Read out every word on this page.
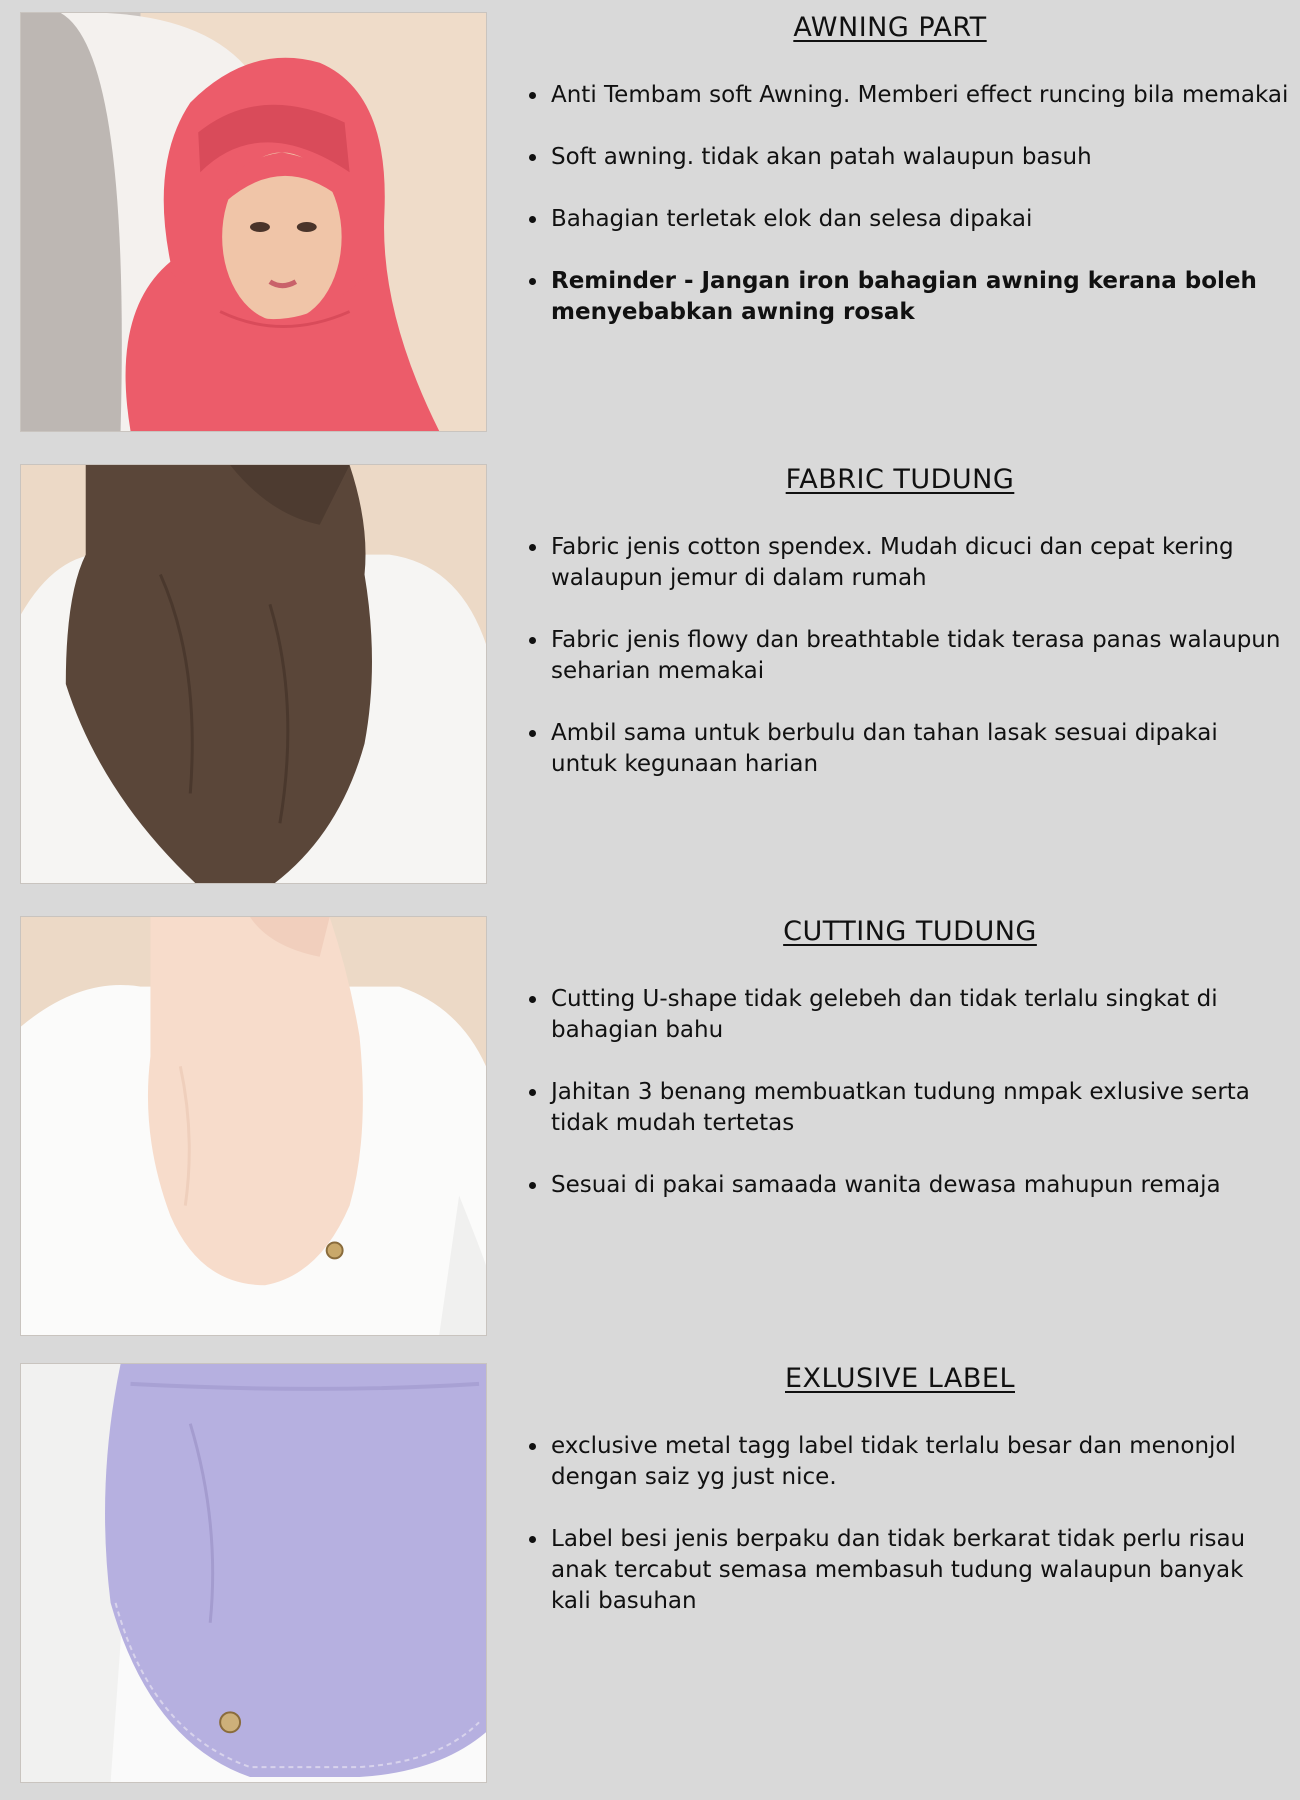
AWNING PART
• Anti Tembam soft Awning. Memberi effect runcing bila memakai
• Soft awning. tidak akan patah walaupun basuh
• Bahagian terletak elok dan selesa dipakai
• Reminder - Jangan iron bahagian awning kerana boleh menyebabkan awning rosak
FABRIC TUDUNG
• Fabric jenis cotton spendex. Mudah dicuci dan cepat kering walaupun jemur di dalam rumah
• Fabric jenis flowy dan breathtable tidak terasa panas walaupun seharian memakai
• Ambil sama untuk berbulu dan tahan lasak sesuai dipakai untuk kegunaan harian
CUTTING TUDUNG
• Cutting U-shape tidak gelebeh dan tidak terlalu singkat di bahagian bahu
• Jahitan 3 benang membuatkan tudung nmpak exlusive serta tidak mudah tertetas
• Sesuai di pakai samaada wanita dewasa mahupun remaja
EXLUSIVE LABEL
• exclusive metal tagg label tidak terlalu besar dan menonjol dengan saiz yg just nice.
• Label besi jenis berpaku dan tidak berkarat tidak perlu risau anak tercabut semasa membasuh tudung walaupun banyak kali basuhan
